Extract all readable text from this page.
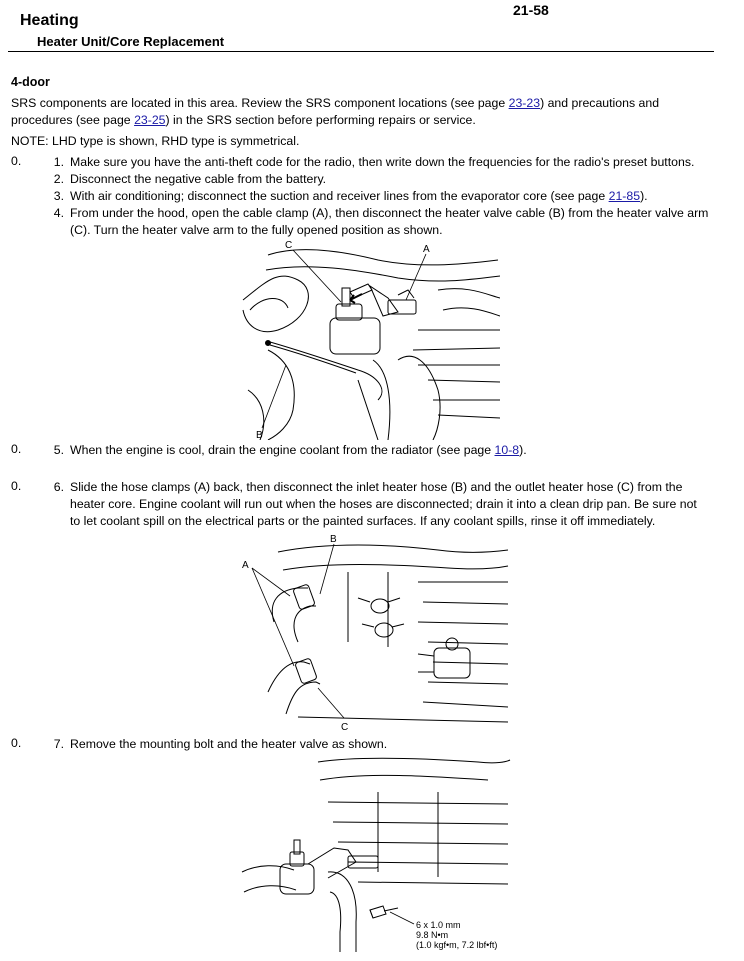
Heating
Heater Unit/Core Replacement
21-58
4-door
SRS components are located in this area. Review the SRS component locations (see page 23-23) and precautions and
procedures (see page 23-25) in the SRS section before performing repairs or service.
NOTE: LHD type is shown, RHD type is symmetrical.
0.	1. Make sure you have the anti-theft code for the radio, then write down the frequencies for the radio's preset buttons.
2. Disconnect the negative cable from the battery.
3. With air conditioning; disconnect the suction and receiver lines from the evaporator core (see page 21-85).
4. From under the hood, open the cable clamp (A), then disconnect the heater valve cable (B) from the heater valve arm
(C). Turn the heater valve arm to the fully opened position as shown.
C	A
B
0.	5. When the engine is cool, drain the engine coolant from the radiator (see page 10-8).
0.	6. Slide the hose clamps (A) back, then disconnect the inlet heater hose (B) and the outlet heater hose (C) from the
heater core. Engine coolant will run out when the hoses are disconnected; drain it into a clean drip pan. Be sure not
to let coolant spill on the electrical parts or the painted surfaces. If any coolant spills, rinse it off immediately.
A
B
C
0.	7. Remove the mounting bolt and the heater valve as shown.
6 x 1.0 mm
9.8 N•m
(1.0 kgf•m, 7.2 lbf•ft)
